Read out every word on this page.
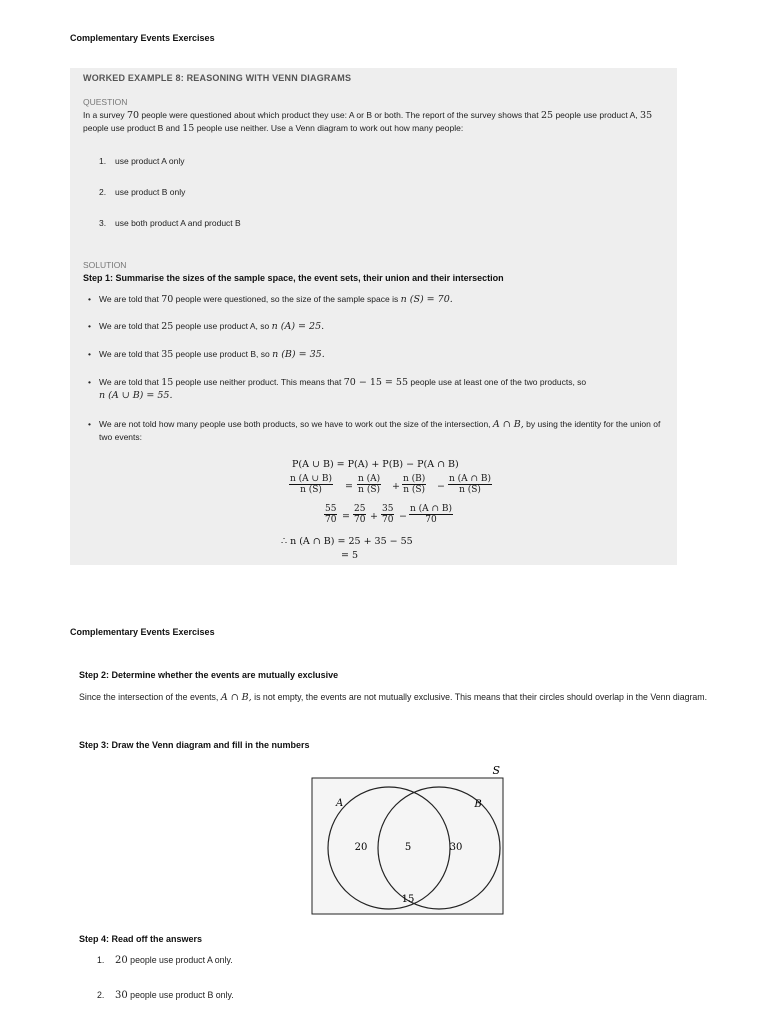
Complementary Events Exercises
WORKED EXAMPLE 8: REASONING WITH VENN DIAGRAMS
QUESTION
In a survey 70 people were questioned about which product they use: A or B or both. The report of the survey shows that 25 people use product A, 35 people use product B and 15 people use neither. Use a Venn diagram to work out how many people:
1. use product A only
2. use product B only
3. use both product A and product B
SOLUTION
Step 1: Summarise the sizes of the sample space, the event sets, their union and their intersection
• We are told that 70 people were questioned, so the size of the sample space is n (S) = 70.
• We are told that 25 people use product A, so n (A) = 25.
• We are told that 35 people use product B, so n (B) = 35.
• We are told that 15 people use neither product. This means that 70 − 15 = 55 people use at least one of the two products, so
n (A ∪ B) = 55.
• We are not told how many people use both products, so we have to work out the size of the intersection, A ∩ B, by using the identity for the union of two events:
P(A ∪ B) = P(A) + P(B) − P(A ∩ B)
$\frac{n (A \cup B)}{n (S)} = \frac{n (A)}{n (S)} + \frac{n (B)}{n (S)} - \frac{n (A \cap B)}{n (S)}$
$\frac{55}{70} = \frac{25}{70} + \frac{35}{70} - \frac{n (A \cap B)}{70}$
∴ n (A ∩ B) = 25 + 35 − 55
= 5
Complementary Events Exercises
Step 2: Determine whether the events are mutually exclusive
Since the intersection of the events, A ∩ B, is not empty, the events are not mutually exclusive. This means that their circles should overlap in the Venn diagram.
Step 3: Draw the Venn diagram and fill in the numbers
S
A	B
20	5	30
15
Step 4: Read off the answers
1. 20 people use product A only.
2. 30 people use product B only.
